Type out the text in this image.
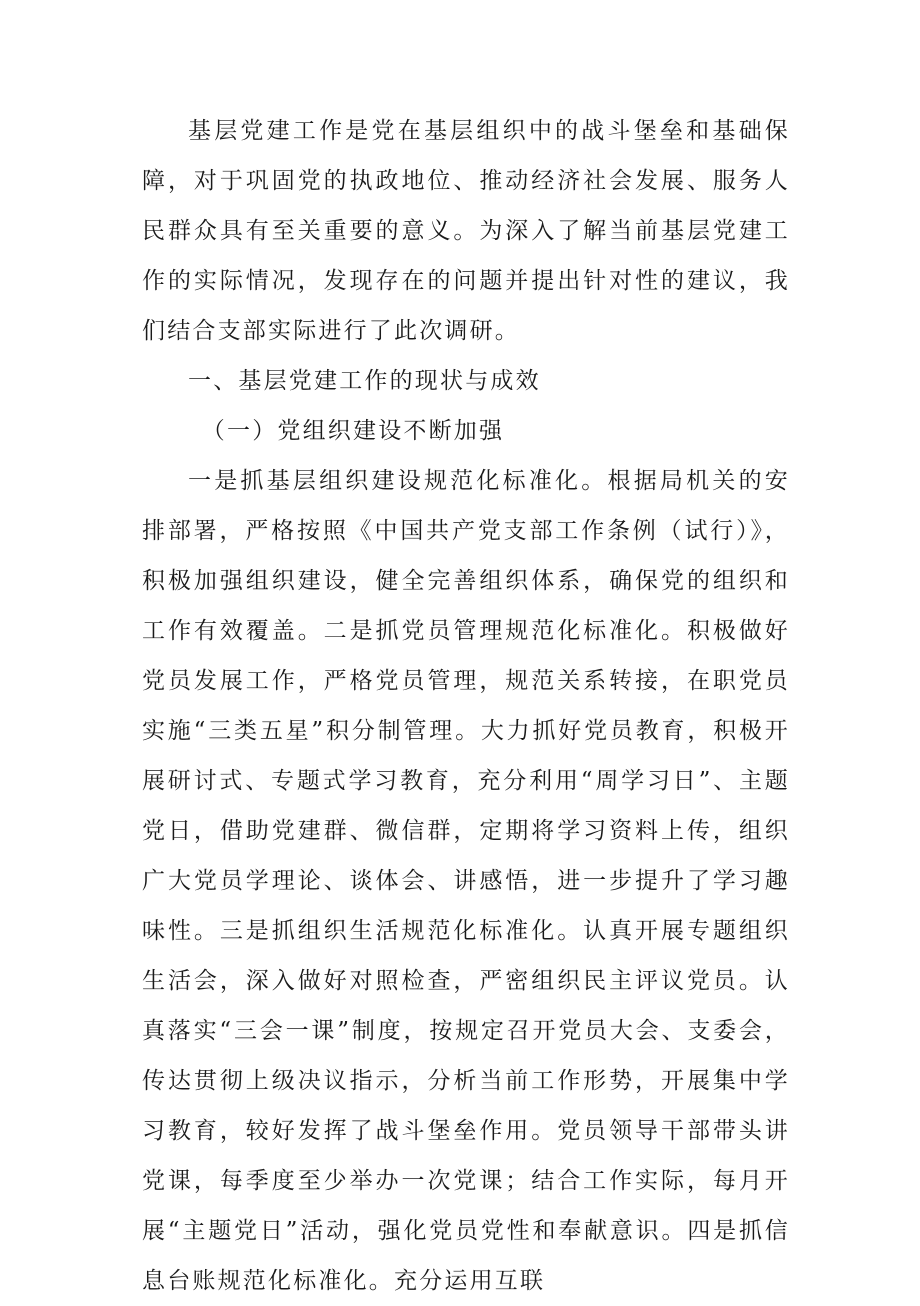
基层党建工作是党在基层组织中的战斗堡垒和基础保障，对于巩固党的执政地位、推动经济社会发展、服务人民群众具有至关重要的意义。为深入了解当前基层党建工作的实际情况，发现存在的问题并提出针对性的建议，我们结合支部实际进行了此次调研。

一、基层党建工作的现状与成效

（一）党组织建设不断加强

一是抓基层组织建设规范化标准化。根据局机关的安排部署，严格按照《中国共产党支部工作条例（试行）》，积极加强组织建设，健全完善组织体系，确保党的组织和工作有效覆盖。二是抓党员管理规范化标准化。积极做好党员发展工作，严格党员管理，规范关系转接，在职党员实施“三类五星”积分制管理。大力抓好党员教育，积极开展研讨式、专题式学习教育，充分利用“周学习日”、主题党日，借助党建群、微信群，定期将学习资料上传，组织广大党员学理论、谈体会、讲感悟，进一步提升了学习趣味性。三是抓组织生活规范化标准化。认真开展专题组织生活会，深入做好对照检查，严密组织民主评议党员。认真落实“三会一课”制度，按规定召开党员大会、支委会，传达贯彻上级决议指示，分析当前工作形势，开展集中学习教育，较好发挥了战斗堡垒作用。党员领导干部带头讲党课，每季度至少举办一次党课；结合工作实际，每月开展“主题党日”活动，强化党员党性和奉献意识。四是抓信息台账规范化标准化。充分运用互联
